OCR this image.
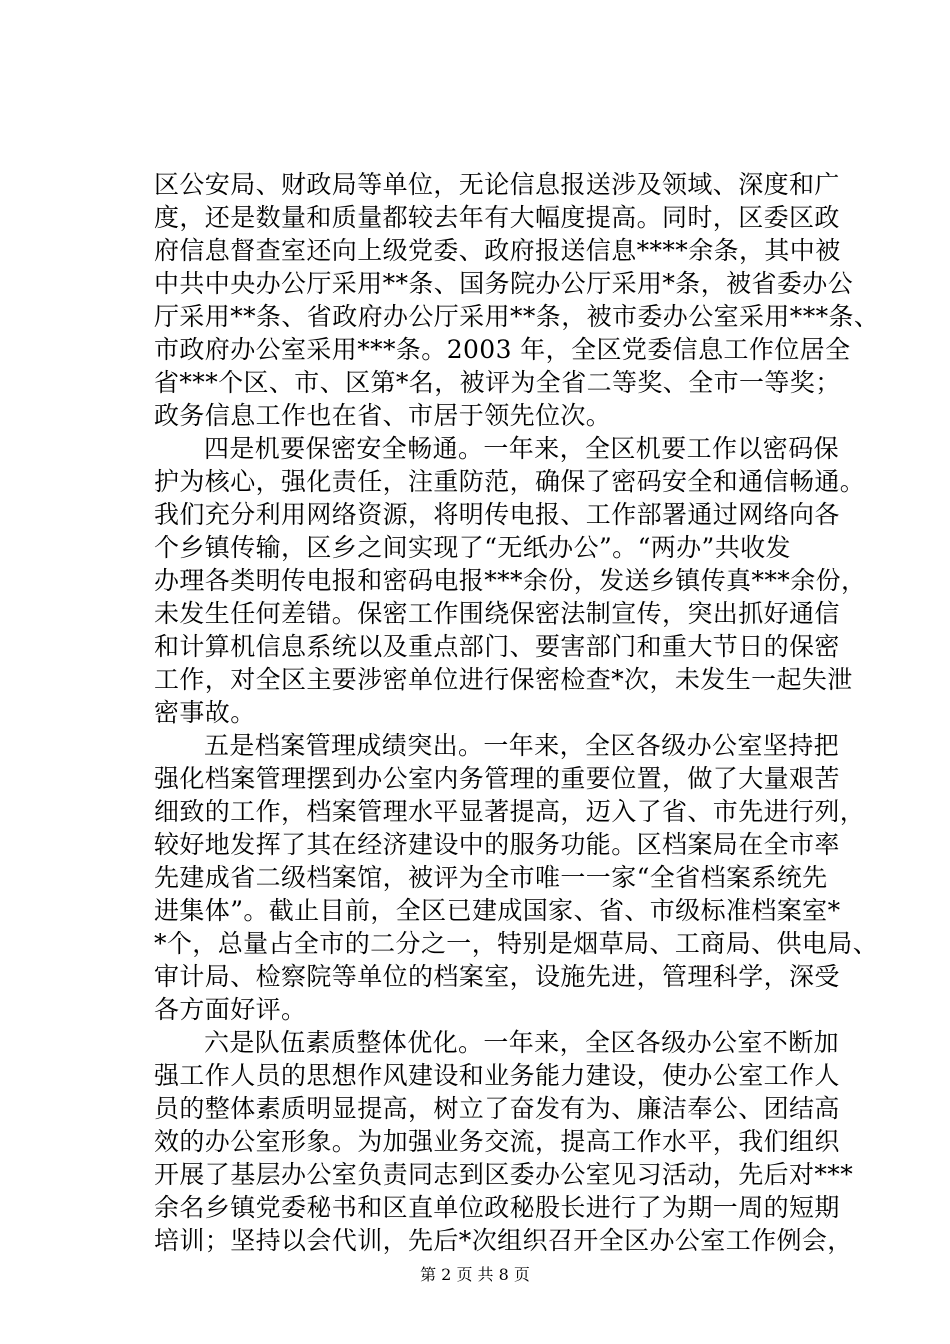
区公安局、财政局等单位，无论信息报送涉及领域、深度和广
度，还是数量和质量都较去年有大幅度提高。同时，区委区政
府信息督查室还向上级党委、政府报送信息****余条，其中被
中共中央办公厅采用**条、国务院办公厅采用*条，被省委办公
厅采用**条、省政府办公厅采用**条，被市委办公室采用***条、
市政府办公室采用***条。2003 年，全区党委信息工作位居全
省***个区、市、区第*名，被评为全省二等奖、全市一等奖；
政务信息工作也在省、市居于领先位次。
四是机要保密安全畅通。一年来，全区机要工作以密码保
护为核心，强化责任，注重防范，确保了密码安全和通信畅通。
我们充分利用网络资源，将明传电报、工作部署通过网络向各
个乡镇传输，区乡之间实现了“无纸办公”。“两办”共收发
办理各类明传电报和密码电报***余份，发送乡镇传真***余份，
未发生任何差错。保密工作围绕保密法制宣传，突出抓好通信
和计算机信息系统以及重点部门、要害部门和重大节日的保密
工作，对全区主要涉密单位进行保密检查*次，未发生一起失泄
密事故。
五是档案管理成绩突出。一年来，全区各级办公室坚持把
强化档案管理摆到办公室内务管理的重要位置，做了大量艰苦
细致的工作，档案管理水平显著提高，迈入了省、市先进行列，
较好地发挥了其在经济建设中的服务功能。区档案局在全市率
先建成省二级档案馆，被评为全市唯一一家“全省档案系统先
进集体”。截止目前，全区已建成国家、省、市级标准档案室*
*个，总量占全市的二分之一，特别是烟草局、工商局、供电局、
审计局、检察院等单位的档案室，设施先进，管理科学，深受
各方面好评。
六是队伍素质整体优化。一年来，全区各级办公室不断加
强工作人员的思想作风建设和业务能力建设，使办公室工作人
员的整体素质明显提高，树立了奋发有为、廉洁奉公、团结高
效的办公室形象。为加强业务交流，提高工作水平，我们组织
开展了基层办公室负责同志到区委办公室见习活动，先后对***
余名乡镇党委秘书和区直单位政秘股长进行了为期一周的短期
培训；坚持以会代训，先后*次组织召开全区办公室工作例会，
第 2 页 共 8 页
